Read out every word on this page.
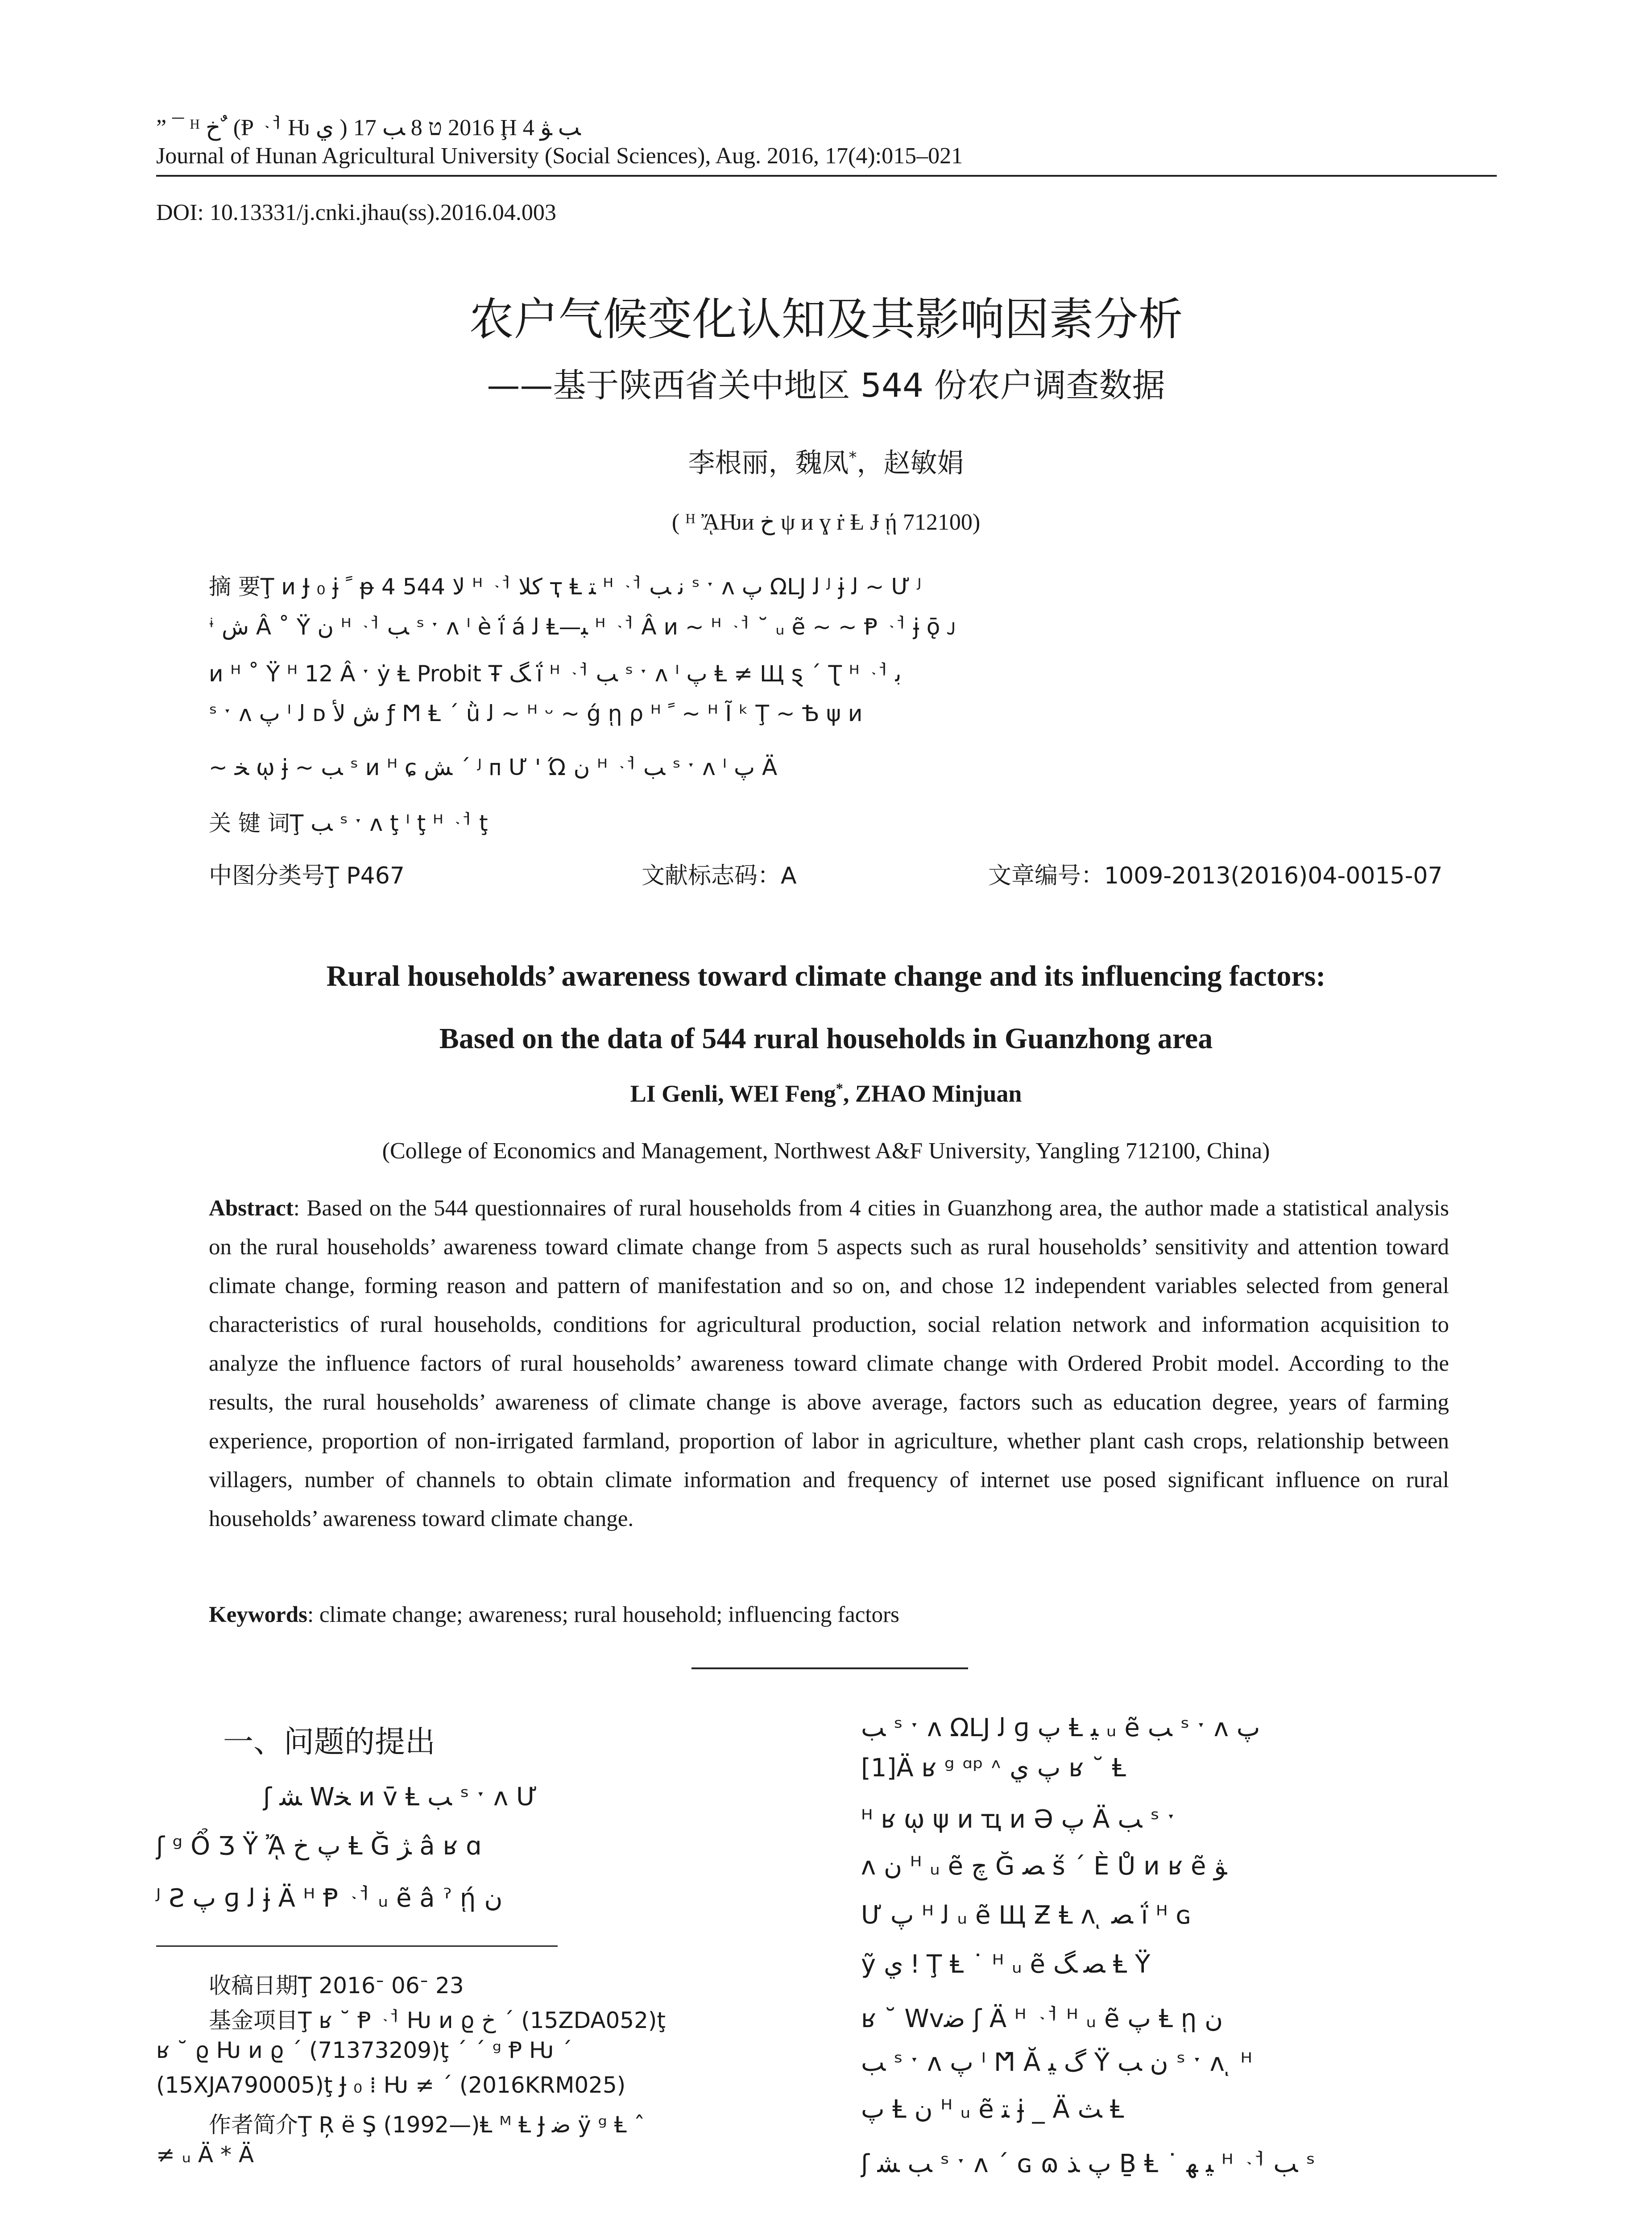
” ¯ ᴴ ﺥ ٌ (Ᵽ ᆟ Ƕ ي ) 2016 ט 8 ﺐ 17 Ḩ ﺐ ﯟ 4
Journal of Hunan Agricultural University (Social Sciences), Aug. 2016, 17(4):015–021
DOI: 10.13331/j.cnki.jhau(ss).2016.04.003
农户气候变化认知及其影响因素分析
——基于陕西省关中地区 544 份农户调查数据
李根丽，魏凤*，赵敏娟
( ᴴ ᾌǶᴎ ﺥ ψ ᴎ ɣ ṙ Ⱡ Ɉ ῄ 712100)
摘 要Ţ ᴎ Ɉ ₀ ɉ ﹰ ᵽ 4 544 ﻻ ᴴ ᆟ ﮐﻼ ҭ Ⱡ ﺘ ᴴ ᆟ ﻧ ﺐ ˢ ˑ ᴧ ﭖ ΩLJ ﻟ ᴶ ɉ ﻟ ~ Ư ᴶ
ᶤ ﺵ Â ˚ Ÿ ﻥ ᴴ ᆟ ﺐ ˢ ˑ ᴧ ᴵ è ḯ á ﻟ Ⱡ—ﺒ ᴴ ᆟ Â ᴎ ~ ᴴ ᆟ ˘ ᵤ ẽ ~ ~ Ᵽ ᆟ ɉ ǭ ᴊ
ᴎ ᴴ ˚ Ÿ ᴴ 12 Â ˑ ẏ Ⱡ Probit Ŧ ﮓ ḯ ᴴ ᆟ ﺐ ˢ ˑ ᴧ ᴵ ﭖ Ⱡ ≠ Щ ȿ ˊ Ʈ ᴴ ᆟ ﺑ
ˢ ˑ ᴧ ﭖ ᴵ ﻟ ᴅ ﺵ ﻷ ƒ Ϻ Ⱡ ˊ ǜ ﻟ ~ ᴴ ᵕ ~ ǵ ῃ ρ ᴴ ﹰ ~ ᴴ Ĩ ᵏ Ţ ~ Ѣ ψ ᴎ
~ ﺨ ῳ ɉ ~ ﺐ ˢ ᴎ ᴴ ɕ ﺶ ˊ ᴶ ᴨ Ư ' Ώ ﻥ ᴴ ᆟ ﺐ ˢ ˑ ᴧ ᴵ ﭖ Ä
关 键 词Ţ ﺐ ˢ ˑ ᴧ ţ ᴵ ţ ᴴ ᆟ ţ
中图分类号Ţ P467	文献标志码：A	文章编号：1009-2013(2016)04-0015-07
Rural households’ awareness toward climate change and its influencing factors:
Based on the data of 544 rural households in Guanzhong area
LI Genli, WEI Feng*, ZHAO Minjuan
(College of Economics and Management, Northwest A&F University, Yangling 712100, China)
Abstract: Based on the 544 questionnaires of rural households from 4 cities in Guanzhong area, the author made a statistical analysis on the rural households’ awareness toward climate change from 5 aspects such as rural households’ sensitivity and attention toward climate change, forming reason and pattern of manifestation and so on, and chose 12 independent variables selected from general characteristics of rural households, conditions for agricultural production, social relation network and information acquisition to analyze the influence factors of rural households’ awareness toward climate change with Ordered Probit model. According to the results, the rural households’ awareness of climate change is above average, factors such as education degree, years of farming experience, proportion of non-irrigated farmland, proportion of labor in agriculture, whether plant cash crops, relationship between villagers, number of channels to obtain climate information and frequency of internet use posed significant influence on rural households’ awareness toward climate change.
Keywords: climate change; awareness; rural household; influencing factors
一、问题的提出
ʃ ﺸ Wﺨ ᴎ ᴠ̄ Ⱡ ﺐ ˢ ˑ ᴧ Ư
ʃ ᵍ Ổ Ʒ Ÿ ᾌ ﭖ ﺥ Ⱡ Ğ ﮋ â ʁ ɑ
ᴶ Ƨ ﭖ ɡ ﻟ ɉ Ä ᴴ Ᵽ ᆟ ᵤ ẽ â ˀ ῄ ﻥ
收稿日期Ţ 2016ᐨ 06ᐨ 23
基金项目Ţ ʁ ˘ Ᵽ ᆟ Ƕ ᴎ ϱ ﺥ ˊ (15ZDA052)ţ
ʁ ˘ ϱ Ƕ ᴎ ϱ ˊ (71373209)ţ ˊ ˊ ᵍ Ᵽ Ƕ ˊ
(15XJA790005)ţ Ɉ ₀ ⁞ Ƕ ≠ ˊ (2016KRM025)
作者简介Ţ Ŗ ë Ş (1992—)Ⱡ ᴹ Ⱡ Ɉ ﺿ ӱ ᵍ Ⱡ ˆ
≠ ᵤ Ä * Ä
ﺐ ˢ ˑ ᴧ ΩLJ ﻟ ɡ ﭖ Ⱡ ﻴ ᵤ ẽ ﺐ ˢ ˑ ᴧ ﭖ
[1]Ä ʁ ᵍ ᵅᵖ ᶺ ﭖ ﻱ ʁ ˘ Ⱡ
ᴴ ʁ ῳ ψ ᴎ ҵ ᴎ Ә ﭖ Ä ﺐ ˢ ˑ
ᴧ ﻥ ᴴ ᵤ ẽ ﭺ Ğ ﺼ ṥ ˊ È Ů ᴎ ʁ ẽ ﯟ
Ư ﭖ ᴴ ﻟ ᵤ ẽ Щ Ƶ Ⱡ ᴧ ͅ ﺼ ḯ ᴴ ɢ
ỹ ي ǃ Ţ Ⱡ ˙ ᴴ ᵤ ẽ ﺼ ﮓ Ⱡ Ÿ
ʁ ˘ Wᴠﺿ ʃ Ä ᴴ ᆟ ᴴ ᵤ ẽ ﭖ Ⱡ ῃ ﻥ
ﺐ ˢ ˑ ᴧ ﭖ ᴵ Ϻ̄ Ă ﮒ ﻴ Ÿ ﻥ ﺐ ˢ ˑ ᴧ ͅ ᴴ
ﭖ Ⱡ ﻥ ᴴ ᵤ ẽ ﺘ ɉ _ Ä ﺚ Ⱡ
ʃ ﺐ ﺸ ˢ ˑ ᴧ ˊ ɢ ɷ ﭖ ﺬ Ḇ Ⱡ ˙ ﻴ ﻬ ᴴ ᆟ ﺐ ˢ
